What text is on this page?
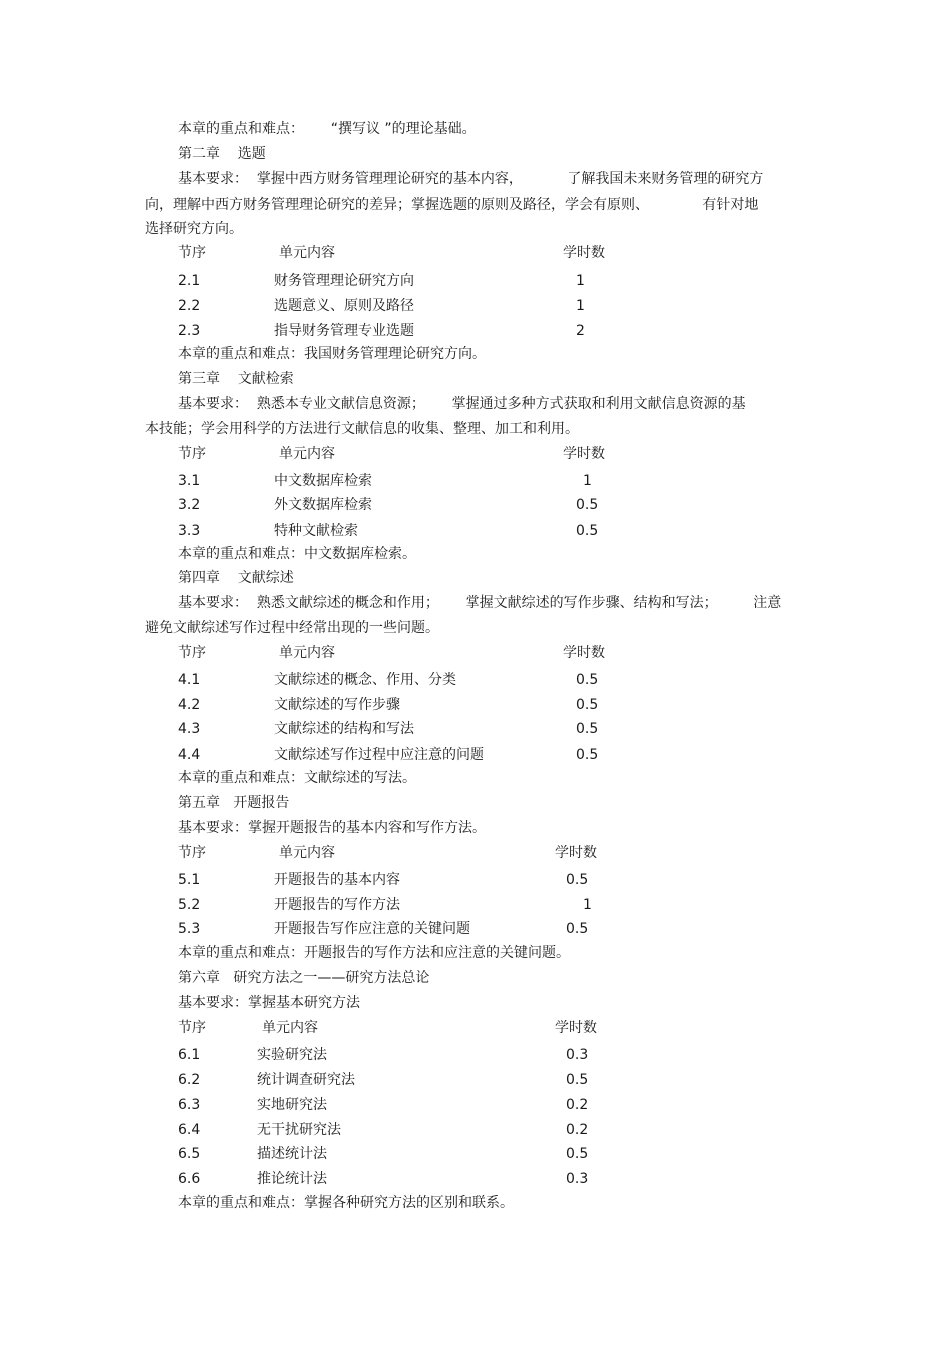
本章的重点和难点：      “撰写议 ”的理论基础。
第二章    选题
基本要求：  掌握中西方财务管理理论研究的基本内容，          了解我国未来财务管理的研究方
向，理解中西方财务管理理论研究的差异；掌握选题的原则及路径，学会有原则、            有针对地
选择研究方向。
节序	单元内容	学时数
2.1	财务管理理论研究方向	1
2.2	选题意义、原则及路径	1
2.3	指导财务管理专业选题	2
本章的重点和难点：我国财务管理理论研究方向。
第三章    文献检索
基本要求：  熟悉本专业文献信息资源；      掌握通过多种方式获取和利用文献信息资源的基
本技能；学会用科学的方法进行文献信息的收集、整理、加工和利用。
节序	单元内容	学时数
3.1	中文数据库检索	1
3.2	外文数据库检索	0.5
3.3	特种文献检索	0.5
本章的重点和难点：中文数据库检索。
第四章    文献综述
基本要求：  熟悉文献综述的概念和作用；      掌握文献综述的写作步骤、结构和写法；        注意
避免文献综述写作过程中经常出现的一些问题。
节序	单元内容	学时数
4.1	文献综述的概念、作用、分类	0.5
4.2	文献综述的写作步骤	0.5
4.3	文献综述的结构和写法	0.5
4.4	文献综述写作过程中应注意的问题	0.5
本章的重点和难点：文献综述的写法。
第五章   开题报告
基本要求：掌握开题报告的基本内容和写作方法。
节序	单元内容	学时数
5.1	开题报告的基本内容	0.5
5.2	开题报告的写作方法	1
5.3	开题报告写作应注意的关键问题	0.5
本章的重点和难点：开题报告的写作方法和应注意的关键问题。
第六章   研究方法之一——研究方法总论
基本要求：掌握基本研究方法
节序	单元内容	学时数
6.1	实验研究法	0.3
6.2	统计调查研究法	0.5
6.3	实地研究法	0.2
6.4	无干扰研究法	0.2
6.5	描述统计法	0.5
6.6	推论统计法	0.3
本章的重点和难点：掌握各种研究方法的区别和联系。
